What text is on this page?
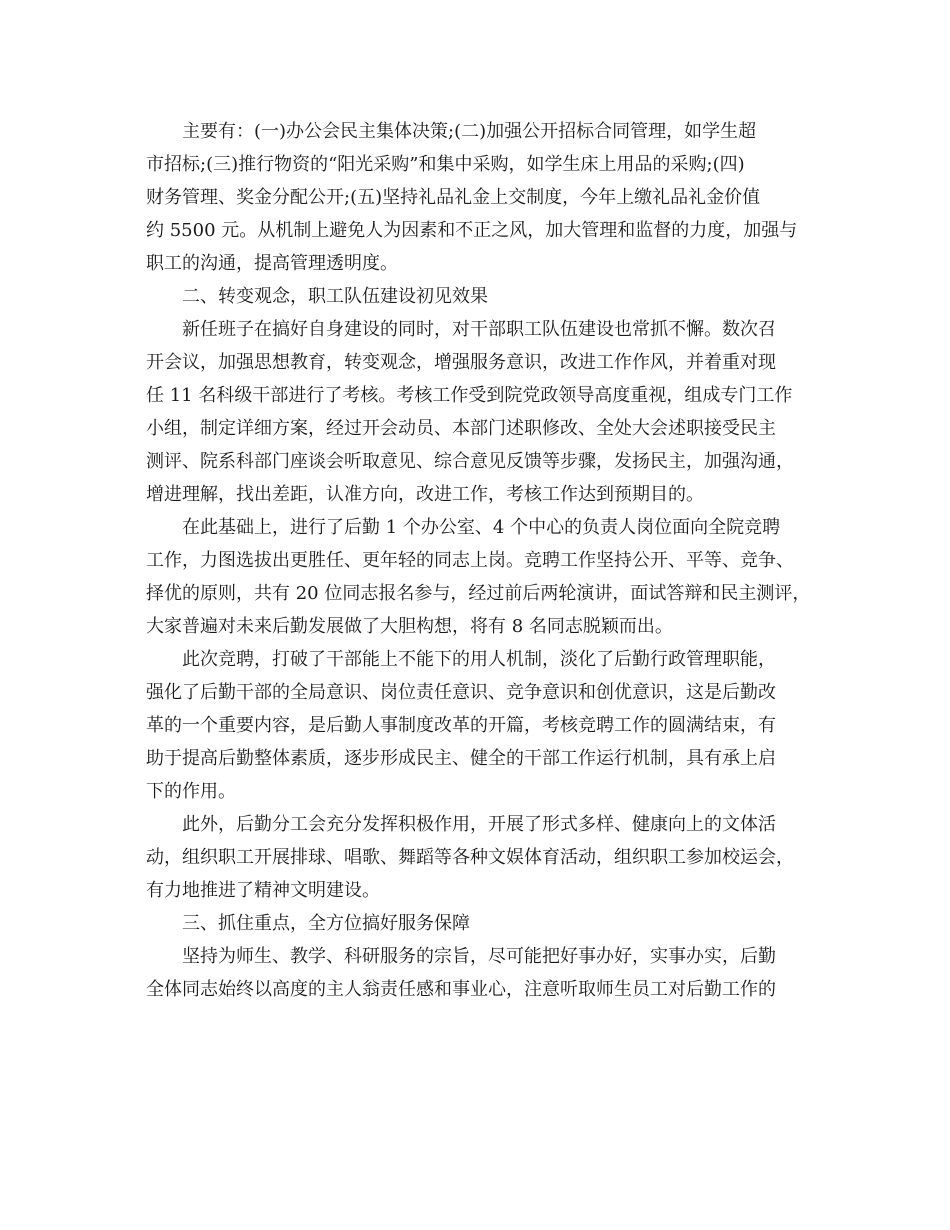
主要有：(一)办公会民主集体决策;(二)加强公开招标合同管理，如学生超
市招标;(三)推行物资的“阳光采购”和集中采购，如学生床上用品的采购;(四)
财务管理、奖金分配公开;(五)坚持礼品礼金上交制度，今年上缴礼品礼金价值
约 5500 元。从机制上避免人为因素和不正之风，加大管理和监督的力度，加强与
职工的沟通，提高管理透明度。
二、转变观念，职工队伍建设初见效果
新任班子在搞好自身建设的同时，对干部职工队伍建设也常抓不懈。数次召
开会议，加强思想教育，转变观念，增强服务意识，改进工作作风，并着重对现
任 11 名科级干部进行了考核。考核工作受到院党政领导高度重视，组成专门工作
小组，制定详细方案，经过开会动员、本部门述职修改、全处大会述职接受民主
测评、院系科部门座谈会听取意见、综合意见反馈等步骤，发扬民主，加强沟通，
增进理解，找出差距，认准方向，改进工作，考核工作达到预期目的。
在此基础上，进行了后勤 1 个办公室、4 个中心的负责人岗位面向全院竞聘
工作，力图选拔出更胜任、更年轻的同志上岗。竞聘工作坚持公开、平等、竞争、
择优的原则，共有 20 位同志报名参与，经过前后两轮演讲，面试答辩和民主测评，
大家普遍对未来后勤发展做了大胆构想，将有 8 名同志脱颖而出。
此次竞聘，打破了干部能上不能下的用人机制，淡化了后勤行政管理职能，
强化了后勤干部的全局意识、岗位责任意识、竞争意识和创优意识，这是后勤改
革的一个重要内容，是后勤人事制度改革的开篇，考核竞聘工作的圆满结束，有
助于提高后勤整体素质，逐步形成民主、健全的干部工作运行机制，具有承上启
下的作用。
此外，后勤分工会充分发挥积极作用，开展了形式多样、健康向上的文体活
动，组织职工开展排球、唱歌、舞蹈等各种文娱体育活动，组织职工参加校运会，
有力地推进了精神文明建设。
三、抓住重点，全方位搞好服务保障
坚持为师生、教学、科研服务的宗旨，尽可能把好事办好，实事办实，后勤
全体同志始终以高度的主人翁责任感和事业心，注意听取师生员工对后勤工作的
